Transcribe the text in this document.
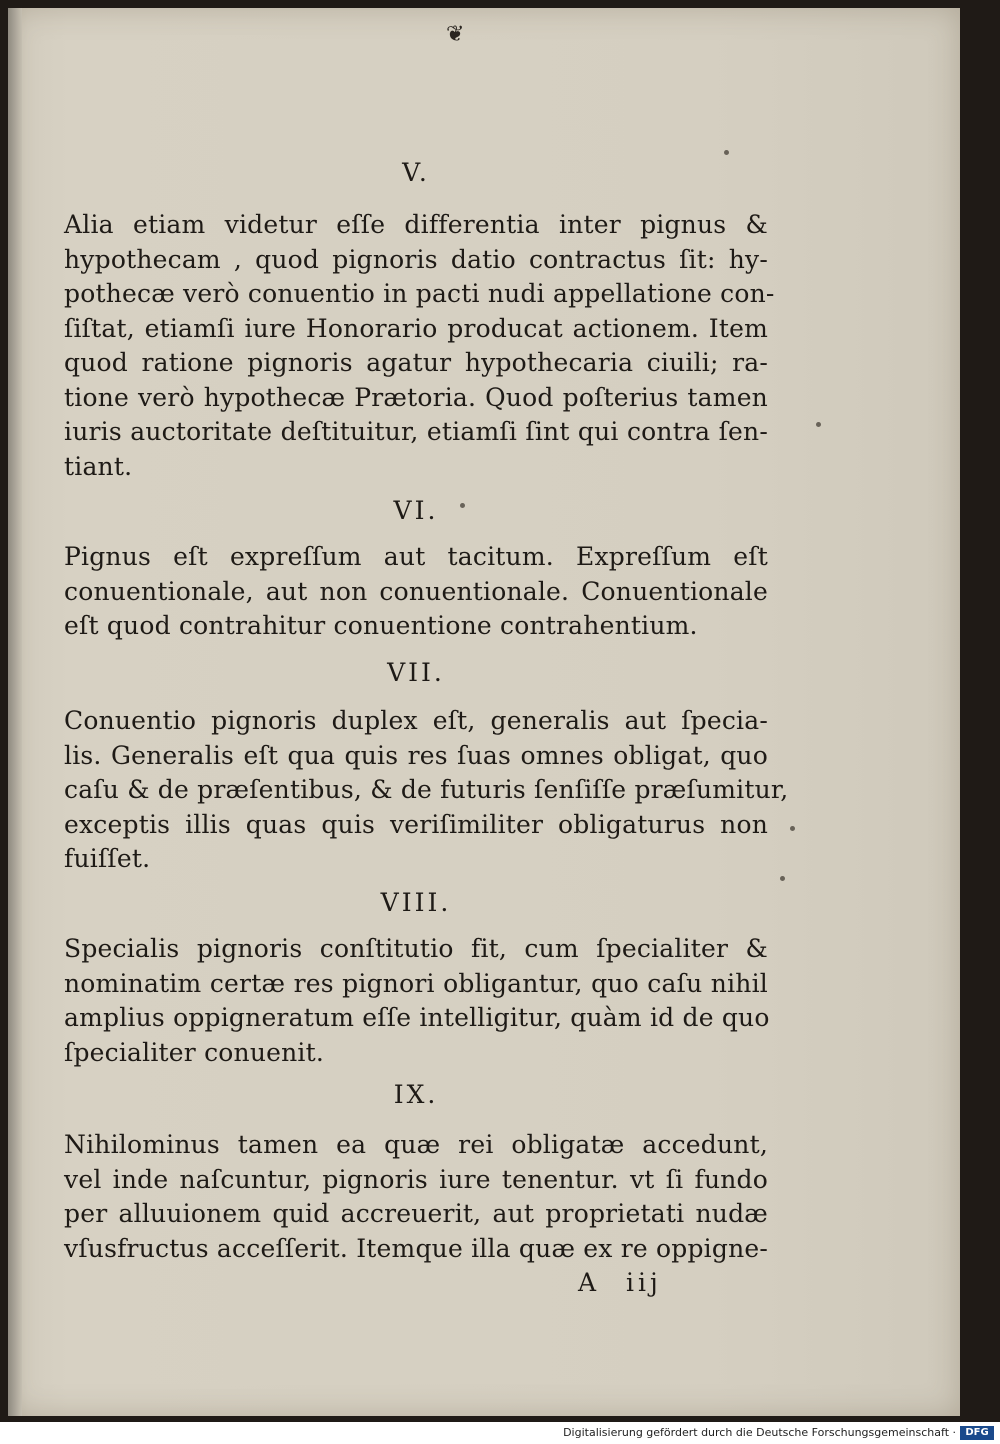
❦
V.
Alia etiam videtur eſſe differentia inter pignus &
hypothecam , quod pignoris datio contractus ſit: hy-
pothecæ verò conuentio in pacti nudi appellatione con-
ſiſtat, etiamſi iure Honorario producat actionem. Item
quod ratione pignoris agatur hypothecaria ciuili; ra-
tione verò hypothecæ Prætoria. Quod poſterius tamen
iuris auctoritate deſtituitur, etiamſi ſint qui contra ſen-
tiant.
VI.
Pignus eſt expreſſum aut tacitum. Expreſſum eſt
conuentionale, aut non conuentionale. Conuentionale
eſt quod contrahitur conuentione contrahentium.
VII.
Conuentio pignoris duplex eſt, generalis aut ſpecia-
lis. Generalis eſt qua quis res ſuas omnes obligat, quo
caſu & de præſentibus, & de futuris ſenſiſſe præſumitur,
exceptis illis quas quis veriſimiliter obligaturus non
fuiſſet.
VIII.
Specialis pignoris conſtitutio fit, cum ſpecialiter &
nominatim certæ res pignori obligantur, quo caſu nihil
amplius oppigneratum eſſe intelligitur, quàm id de quo
ſpecialiter conuenit.
IX.
Nihilominus tamen ea quæ rei obligatæ accedunt,
vel inde naſcuntur, pignoris iure tenentur. vt ſi fundo
per alluuionem quid accreuerit, aut proprietati nudæ
vſusfructus acceſſerit. Itemque illa quæ ex re oppigne-
A iij
Digitalisierung gefördert durch die Deutsche Forschungsgemeinschaft · DFG
